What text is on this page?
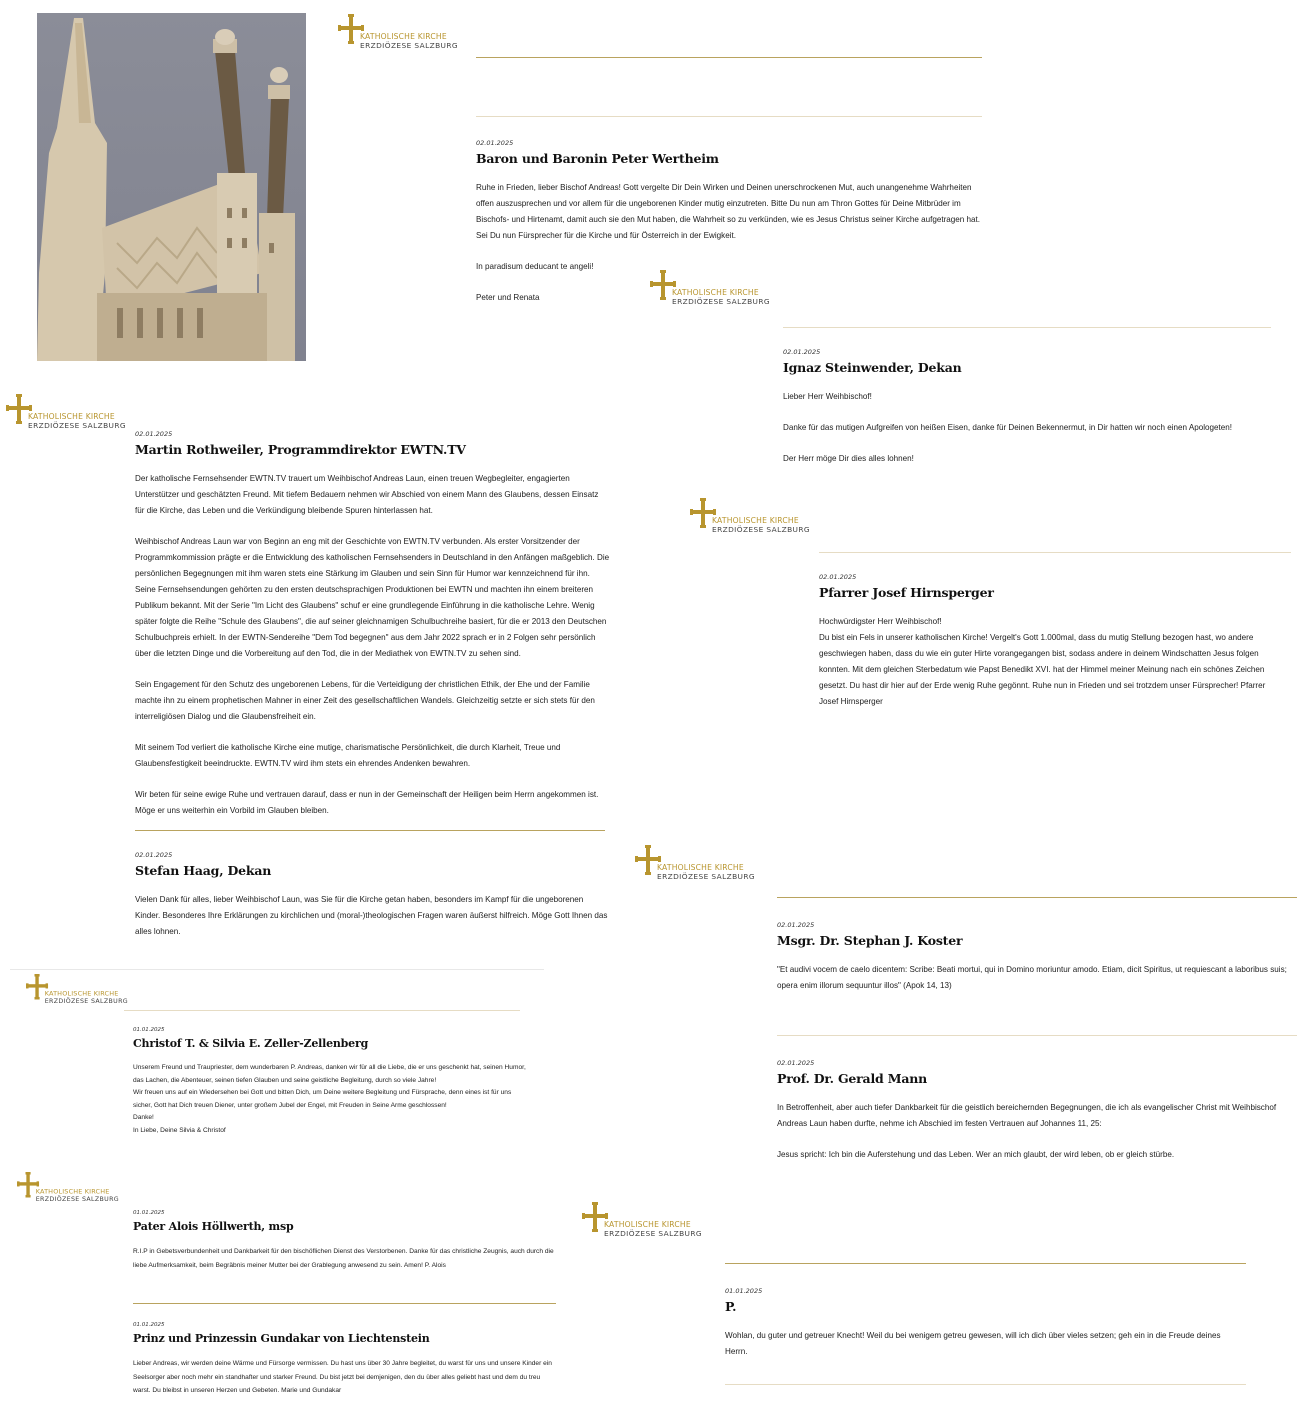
KATHOLISCHE KIRCHE
ERZDIÖZESE SALZBURG
KATHOLISCHE KIRCHE
ERZDIÖZESE SALZBURG
KATHOLISCHE KIRCHE
ERZDIÖZESE SALZBURG
KATHOLISCHE KIRCHE
ERZDIÖZESE SALZBURG
KATHOLISCHE KIRCHE
ERZDIÖZESE SALZBURG
KATHOLISCHE KIRCHE
ERZDIÖZESE SALZBURG
KATHOLISCHE KIRCHE
ERZDIÖZESE SALZBURG
KATHOLISCHE KIRCHE
ERZDIÖZESE SALZBURG
02.01.2025
Baron und Baronin Peter Wertheim

Ruhe in Frieden, lieber Bischof Andreas! Gott vergelte Dir Dein Wirken und Deinen unerschrockenen Mut, auch unangenehme Wahrheiten offen auszusprechen und vor allem für die ungeborenen Kinder mutig einzutreten. Bitte Du nun am Thron Gottes für Deine Mitbrüder im Bischofs- und Hirtenamt, damit auch sie den Mut haben, die Wahrheit so zu verkünden, wie es Jesus Christus seiner Kirche aufgetragen hat. Sei Du nun Fürsprecher für die Kirche und für Österreich in der Ewigkeit.

In paradisum deducant te angeli!

Peter und Renata

02.01.2025
Ignaz Steinwender, Dekan

Lieber Herr Weihbischof!

Danke für das mutigen Aufgreifen von heißen Eisen, danke für Deinen Bekennermut, in Dir hatten wir noch einen Apologeten!

Der Herr möge Dir dies alles lohnen!

02.01.2025
Martin Rothweiler, Programmdirektor EWTN.TV

Der katholische Fernsehsender EWTN.TV trauert um Weihbischof Andreas Laun, einen treuen Wegbegleiter, engagierten Unterstützer und geschätzten Freund. Mit tiefem Bedauern nehmen wir Abschied von einem Mann des Glaubens, dessen Einsatz für die Kirche, das Leben und die Verkündigung bleibende Spuren hinterlassen hat.

Weihbischof Andreas Laun war von Beginn an eng mit der Geschichte von EWTN.TV verbunden. Als erster Vorsitzender der Programmkommission prägte er die Entwicklung des katholischen Fernsehsenders in Deutschland in den Anfängen maßgeblich. Die persönlichen Begegnungen mit ihm waren stets eine Stärkung im Glauben und sein Sinn für Humor war kennzeichnend für ihn. Seine Fernsehsendungen gehörten zu den ersten deutschsprachigen Produktionen bei EWTN und machten ihn einem breiteren Publikum bekannt. Mit der Serie "Im Licht des Glaubens" schuf er eine grundlegende Einführung in die katholische Lehre. Wenig später folgte die Reihe "Schule des Glaubens", die auf seiner gleichnamigen Schulbuchreihe basiert, für die er 2013 den Deutschen Schulbuchpreis erhielt. In der EWTN-Sendereihe "Dem Tod begegnen" aus dem Jahr 2022 sprach er in 2 Folgen sehr persönlich über die letzten Dinge und die Vorbereitung auf den Tod, die in der Mediathek von EWTN.TV zu sehen sind.

Sein Engagement für den Schutz des ungeborenen Lebens, für die Verteidigung der christlichen Ethik, der Ehe und der Familie machte ihn zu einem prophetischen Mahner in einer Zeit des gesellschaftlichen Wandels. Gleichzeitig setzte er sich stets für den interreligiösen Dialog und die Glaubensfreiheit ein.

Mit seinem Tod verliert die katholische Kirche eine mutige, charismatische Persönlichkeit, die durch Klarheit, Treue und Glaubensfestigkeit beeindruckte. EWTN.TV wird ihm stets ein ehrendes Andenken bewahren.

Wir beten für seine ewige Ruhe und vertrauen darauf, dass er nun in der Gemeinschaft der Heiligen beim Herrn angekommen ist. Möge er uns weiterhin ein Vorbild im Glauben bleiben.

02.01.2025
Pfarrer Josef Hirnsperger

Hochwürdigster Herr Weihbischof!
Du bist ein Fels in unserer katholischen Kirche! Vergelt's Gott 1.000mal, dass du mutig Stellung bezogen hast, wo andere geschwiegen haben, dass du wie ein guter Hirte vorangegangen bist, sodass andere in deinem Windschatten Jesus folgen konnten. Mit dem gleichen Sterbedatum wie Papst Benedikt XVI. hat der Himmel meiner Meinung nach ein schönes Zeichen gesetzt. Du hast dir hier auf der Erde wenig Ruhe gegönnt. Ruhe nun in Frieden und sei trotzdem unser Fürsprecher! Pfarrer Josef Hirnsperger

02.01.2025
Stefan Haag, Dekan

Vielen Dank für alles, lieber Weihbischof Laun, was Sie für die Kirche getan haben, besonders im Kampf für die ungeborenen Kinder. Besonderes Ihre Erklärungen zu kirchlichen und (moral-)theologischen Fragen waren äußerst hilfreich. Möge Gott Ihnen das alles lohnen.

02.01.2025
Msgr. Dr. Stephan J. Koster

"Et audivi vocem de caelo dicentem: Scribe: Beati mortui, qui in Domino moriuntur amodo. Etiam, dicit Spiritus, ut requiescant a laboribus suis; opera enim illorum sequuntur illos" (Apok 14, 13)

01.01.2025
Christof T. & Silvia E. Zeller-Zellenberg

Unserem Freund und Traupriester, dem wunderbaren P. Andreas, danken wir für all die Liebe, die er uns geschenkt hat, seinen Humor, das Lachen, die Abenteuer, seinen tiefen Glauben und seine geistliche Begleitung, durch so viele Jahre!
Wir freuen uns auf ein Wiedersehen bei Gott und bitten Dich, um Deine weitere Begleitung und Fürsprache, denn eines ist für uns sicher, Gott hat Dich treuen Diener, unter großem Jubel der Engel, mit Freuden in Seine Arme geschlossen!
Danke!
In Liebe, Deine Silvia & Christof

02.01.2025
Prof. Dr. Gerald Mann

In Betroffenheit, aber auch tiefer Dankbarkeit für die geistlich bereichernden Begegnungen, die ich als evangelischer Christ mit Weihbischof Andreas Laun haben durfte, nehme ich Abschied im festen Vertrauen auf Johannes 11, 25:

Jesus spricht: Ich bin die Auferstehung und das Leben. Wer an mich glaubt, der wird leben, ob er gleich stürbe.

01.01.2025
Pater Alois Höllwerth, msp

R.I.P in Gebetsverbundenheit und Dankbarkeit für den bischöflichen Dienst des Verstorbenen. Danke für das christliche Zeugnis, auch durch die liebe Aufmerksamkeit, beim Begräbnis meiner Mutter bei der Grablegung anwesend zu sein. Amen! P. Alois

01.01.2025
Prinz und Prinzessin Gundakar von Liechtenstein

Lieber Andreas, wir werden deine Wärme und Fürsorge vermissen. Du hast uns über 30 Jahre begleitet, du warst für uns und unsere Kinder ein Seelsorger aber noch mehr ein standhafter und starker Freund. Du bist jetzt bei demjenigen, den du über alles geliebt hast und dem du treu warst. Du bleibst in unseren Herzen und Gebeten. Marie und Gundakar

01.01.2025
P.

Wohlan, du guter und getreuer Knecht! Weil du bei wenigem getreu gewesen, will ich dich über vieles setzen; geh ein in die Freude deines Herrn.
